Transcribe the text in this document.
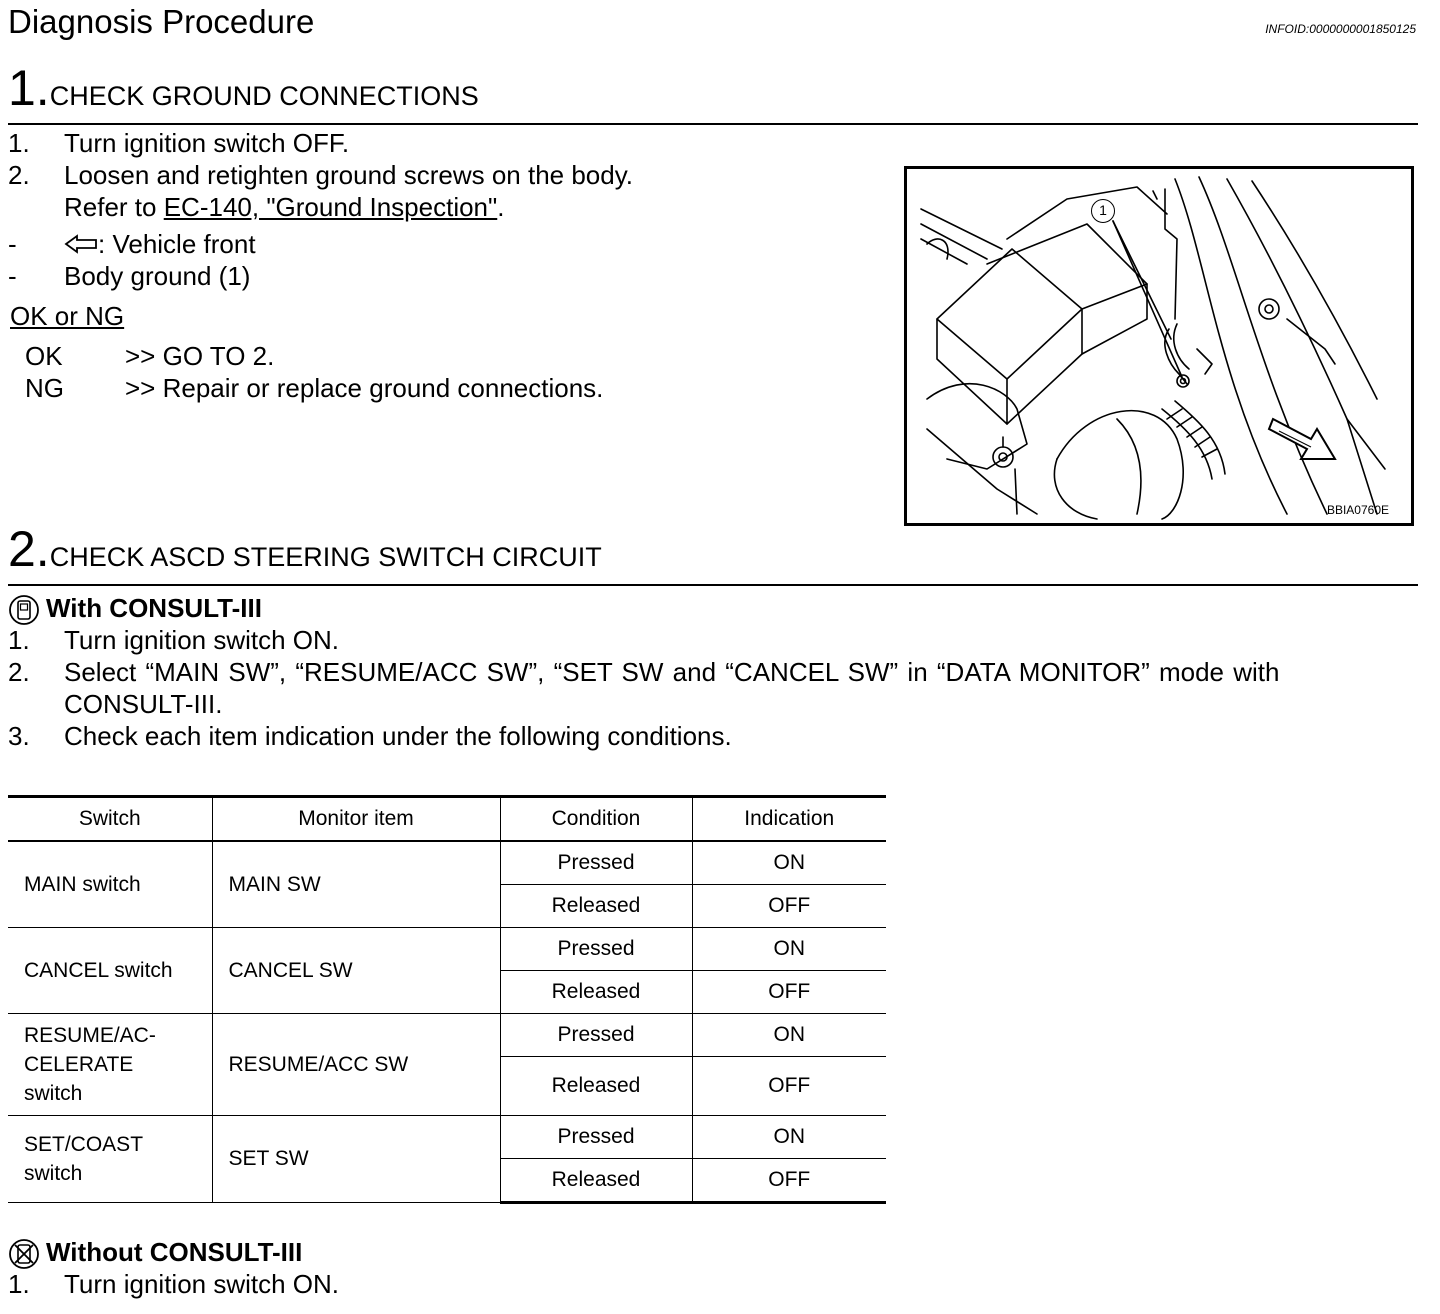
Diagnosis Procedure	INFOID:0000000001850125
1.CHECK GROUND CONNECTIONS
1. Turn ignition switch OFF.
2. Loosen and retighten ground screws on the body.
Refer to EC-140, "Ground Inspection".
-	: Vehicle front
- Body ground (1)
OK or NG
OK >> GO TO 2.
NG >> Repair or replace ground connections.
1
BBIA0760E
2.CHECK ASCD STEERING SWITCH CIRCUIT
With CONSULT-III
1. Turn ignition switch ON.
2. Select “MAIN SW”, “RESUME/ACC SW”, “SET SW and “CANCEL SW” in “DATA MONITOR” mode with
CONSULT-III.
3. Check each item indication under the following conditions.
Switch	Monitor item	Condition	Indication
MAIN switch	MAIN SW	Pressed	ON
		Released	OFF
CANCEL switch	CANCEL SW	Pressed	ON
		Released	OFF
RESUME/AC-
CELERATE
switch	RESUME/ACC SW	Pressed	ON
		Released	OFF
SET/COAST
switch	SET SW	Pressed	ON
		Released	OFF
Without CONSULT-III
1. Turn ignition switch ON.
